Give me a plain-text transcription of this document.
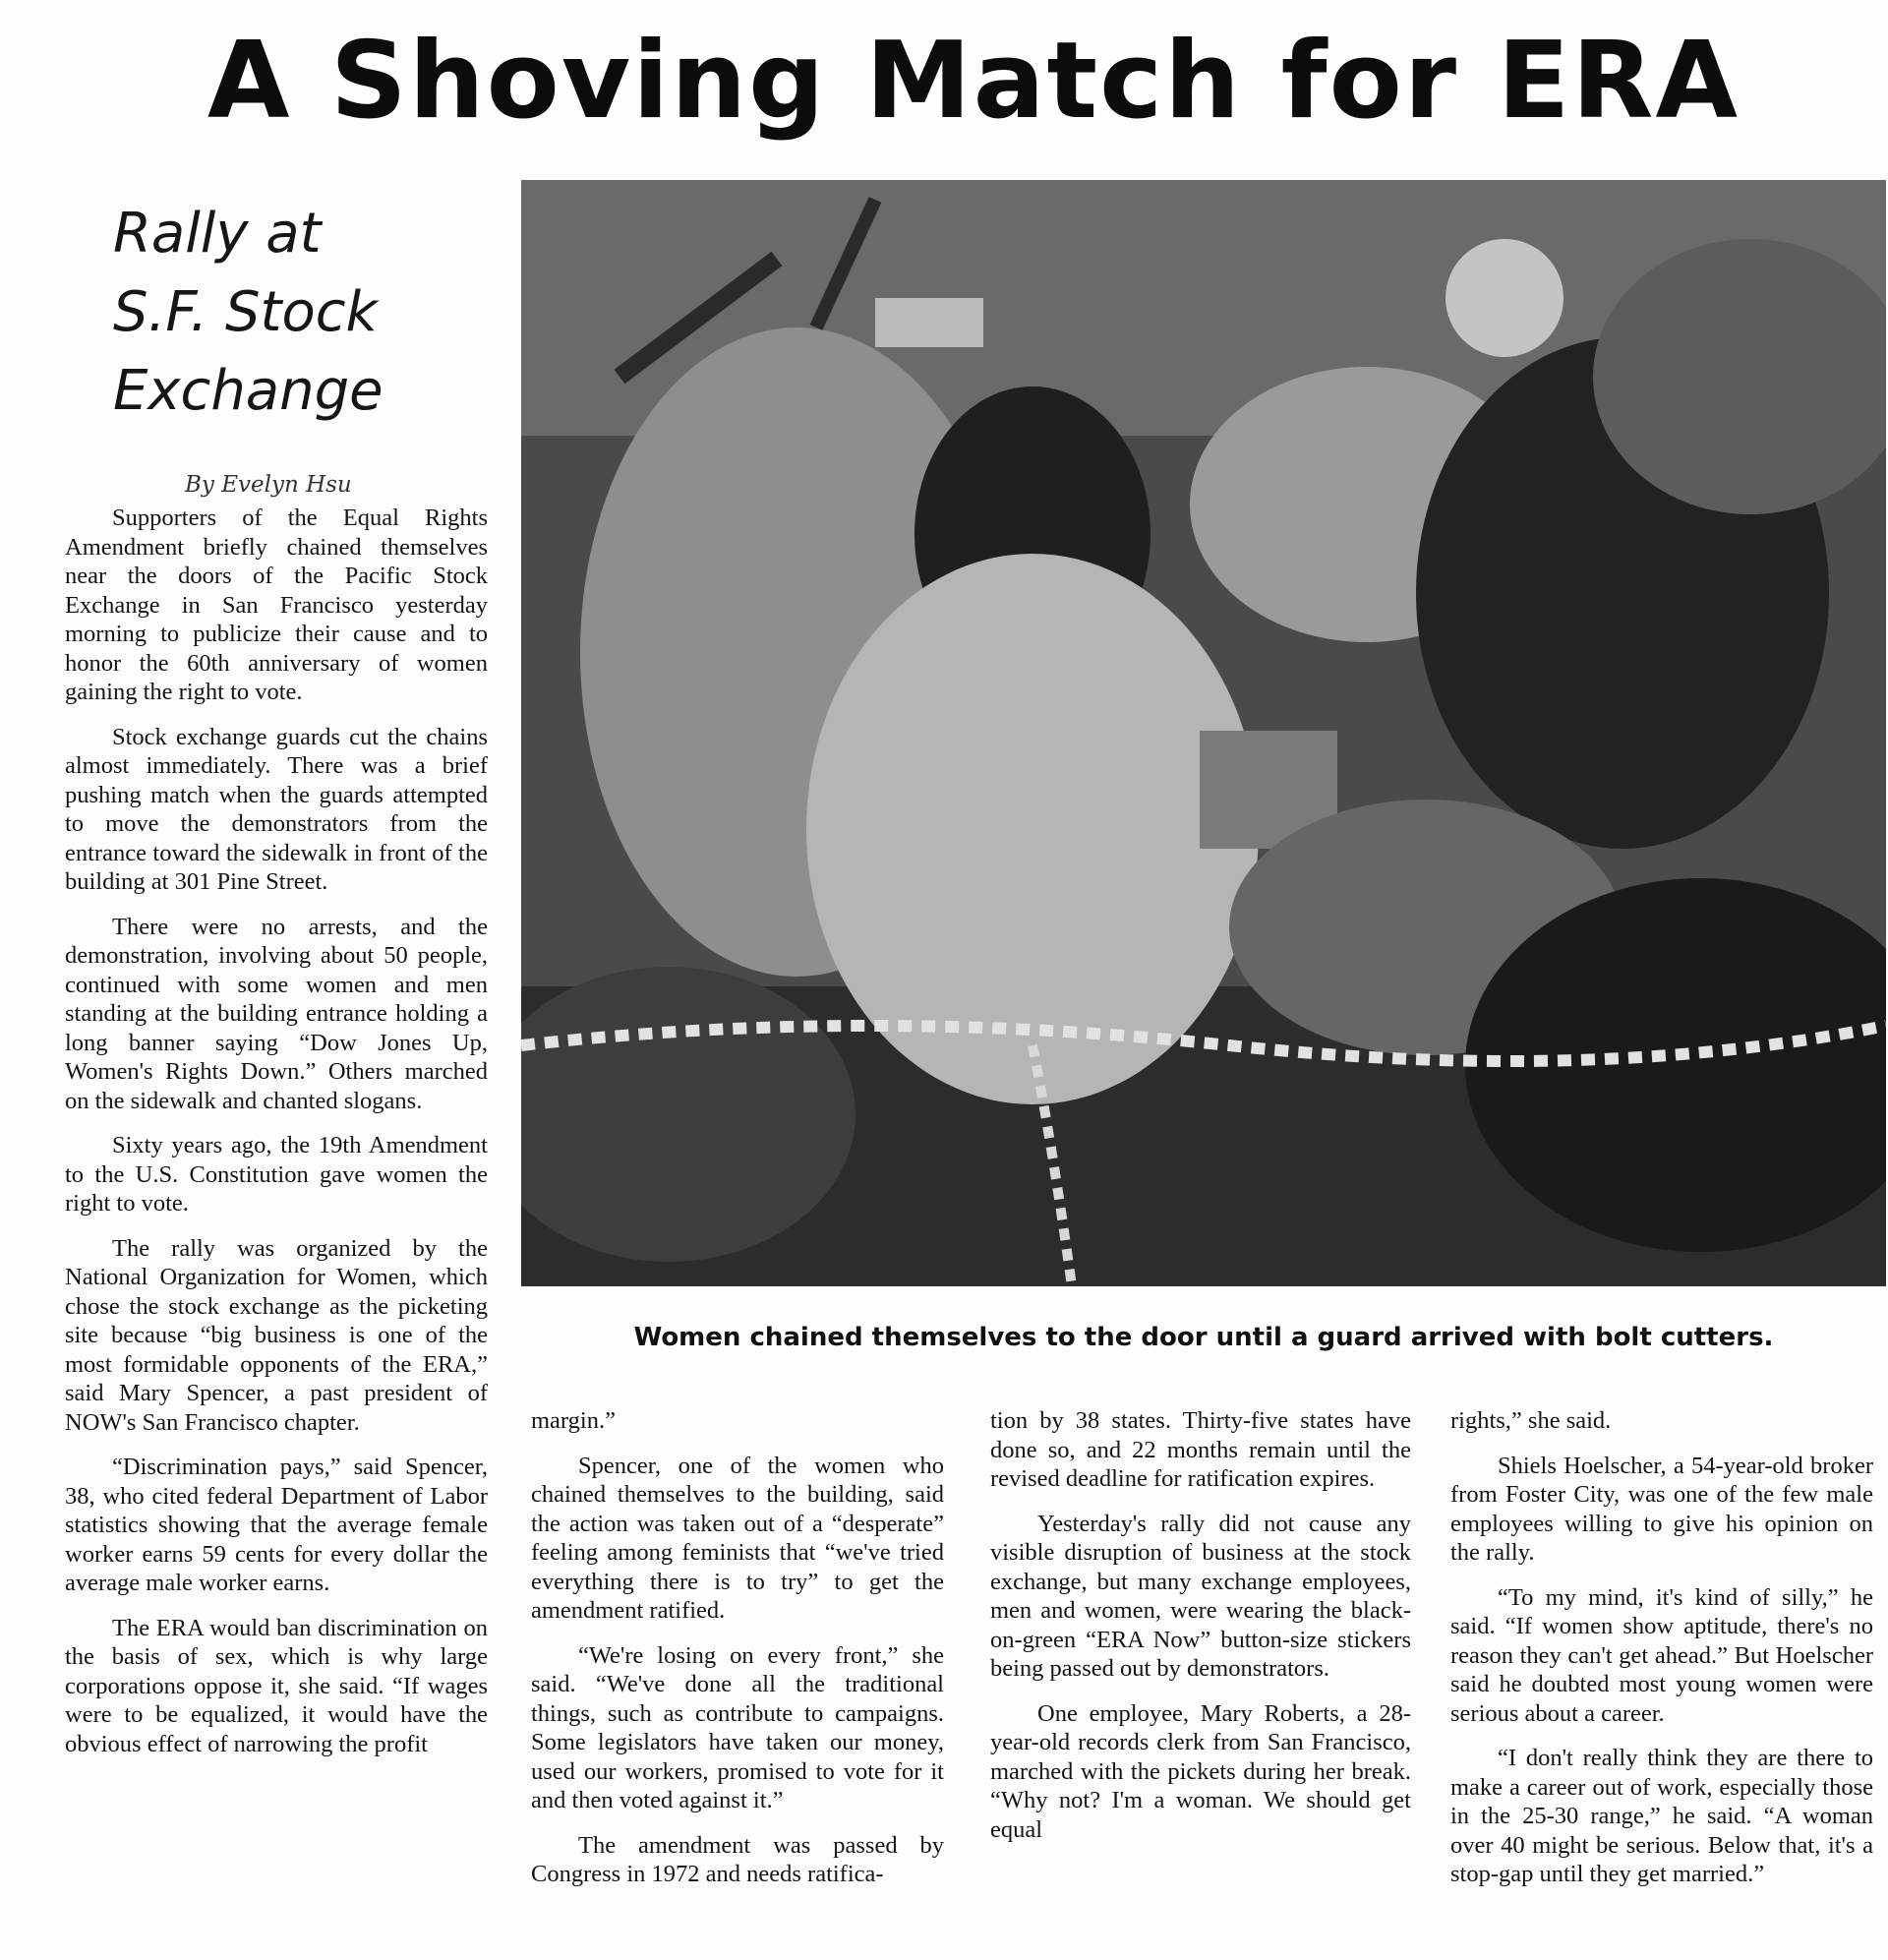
A Shoving Match for ERA
Rally at
S.F. Stock
Exchange

By Evelyn Hsu

Supporters of the Equal Rights Amendment briefly chained themselves near the doors of the Pacific Stock Exchange in San Francisco yesterday morning to publicize their cause and to honor the 60th anniversary of women gaining the right to vote.

Stock exchange guards cut the chains almost immediately. There was a brief pushing match when the guards attempted to move the demonstrators from the entrance toward the sidewalk in front of the building at 301 Pine Street.

There were no arrests, and the demonstration, involving about 50 people, continued with some women and men standing at the building entrance holding a long banner saying “Dow Jones Up, Women's Rights Down.” Others marched on the sidewalk and chanted slogans.

Sixty years ago, the 19th Amendment to the U.S. Constitution gave women the right to vote.

The rally was organized by the National Organization for Women, which chose the stock exchange as the picketing site because “big business is one of the most formidable opponents of the ERA,” said Mary Spencer, a past president of NOW's San Francisco chapter.

“Discrimination pays,” said Spencer, 38, who cited federal Department of Labor statistics showing that the average female worker earns 59 cents for every dollar the average male worker earns.

The ERA would ban discrimination on the basis of sex, which is why large corporations oppose it, she said. “If wages were to be equalized, it would have the obvious effect of narrowing the profit

Women chained themselves to the door until a guard arrived with bolt cutters.

margin.”

Spencer, one of the women who chained themselves to the building, said the action was taken out of a “desperate” feeling among feminists that “we've tried everything there is to try” to get the amendment ratified.

“We're losing on every front,” she said. “We've done all the traditional things, such as contribute to campaigns. Some legislators have taken our money, used our workers, promised to vote for it and then voted against it.”

The amendment was passed by Congress in 1972 and needs ratifica-

tion by 38 states. Thirty-five states have done so, and 22 months remain until the revised deadline for ratification expires.

Yesterday's rally did not cause any visible disruption of business at the stock exchange, but many exchange employees, men and women, were wearing the black-on-green “ERA Now” button-size stickers being passed out by demonstrators.

One employee, Mary Roberts, a 28-year-old records clerk from San Francisco, marched with the pickets during her break. “Why not? I'm a woman. We should get equal

rights,” she said.

Shiels Hoelscher, a 54-year-old broker from Foster City, was one of the few male employees willing to give his opinion on the rally.

“To my mind, it's kind of silly,” he said. “If women show aptitude, there's no reason they can't get ahead.” But Hoelscher said he doubted most young women were serious about a career.

“I don't really think they are there to make a career out of work, especially those in the 25-30 range,” he said. “A woman over 40 might be serious. Below that, it's a stop-gap until they get married.”
